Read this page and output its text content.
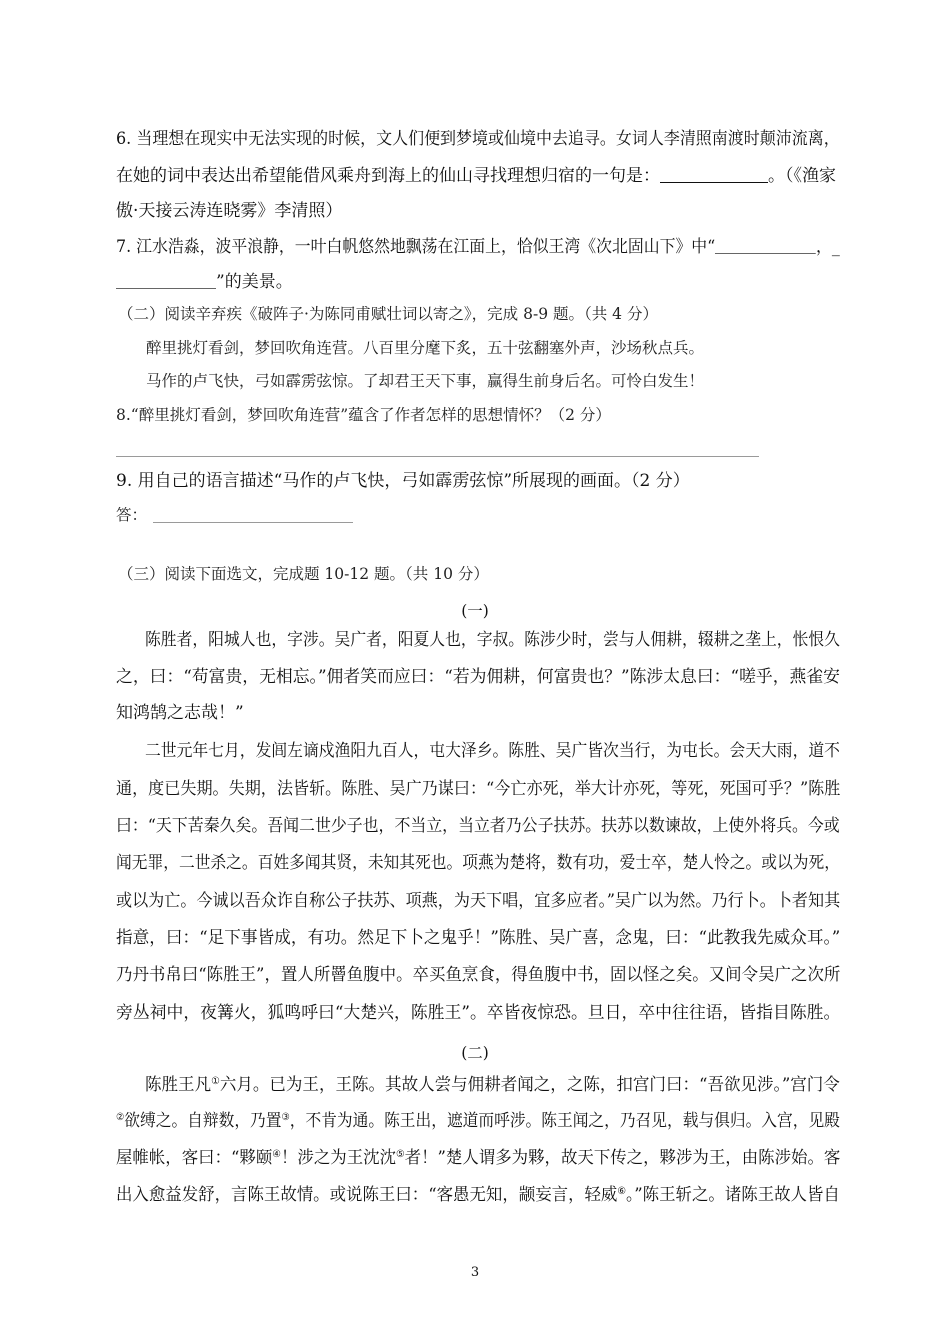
6. 当理想在现实中无法实现的时候，文人们便到梦境或仙境中去追寻。女词人李清照南渡时颠沛流离，
在她的词中表达出希望能借风乘舟到海上的仙山寻找理想归宿的一句是：	。（《渔家
傲·天接云涛连晓雾》李清照）
7. 江水浩淼，波平浪静，一叶白帆悠然地飘荡在江面上，恰似王湾《次北固山下》中“	，_
”的美景。
（二）阅读辛弃疾《破阵子·为陈同甫赋壮词以寄之》，完成 8-9 题。（共 4 分）
醉里挑灯看剑，梦回吹角连营。八百里分麾下炙，五十弦翻塞外声，沙场秋点兵。
马作的卢飞快，弓如霹雳弦惊。了却君王天下事，赢得生前身后名。可怜白发生！
8.“醉里挑灯看剑，梦回吹角连营”蕴含了作者怎样的思想情怀？（2 分）
9. 用自己的语言描述“马作的卢飞快，弓如霹雳弦惊”所展现的画面。（2 分）
答：
（三）阅读下面选文，完成题 10-12 题。（共 10 分）
(一)
陈胜者，阳城人也，字涉。吴广者，阳夏人也，字叔。陈涉少时，尝与人佣耕，辍耕之垄上，怅恨久
之，曰：“苟富贵，无相忘。”佣者笑而应曰：“若为佣耕，何富贵也？”陈涉太息曰：“嗟乎，燕雀安
知鸿鹄之志哉！”
二世元年七月，发闾左谪戍渔阳九百人，屯大泽乡。陈胜、吴广皆次当行，为屯长。会天大雨，道不
通，度已失期。失期，法皆斩。陈胜、吴广乃谋曰：“今亡亦死，举大计亦死，等死，死国可乎？”陈胜
曰：“天下苦秦久矣。吾闻二世少子也，不当立，当立者乃公子扶苏。扶苏以数谏故，上使外将兵。今或
闻无罪，二世杀之。百姓多闻其贤，未知其死也。项燕为楚将，数有功，爱士卒，楚人怜之。或以为死，
或以为亡。今诚以吾众诈自称公子扶苏、项燕，为天下唱，宜多应者。”吴广以为然。乃行卜。卜者知其
指意，曰：“足下事皆成，有功。然足下卜之鬼乎！”陈胜、吴广喜，念鬼，曰：“此教我先威众耳。”
乃丹书帛曰“陈胜王”，置人所罾鱼腹中。卒买鱼烹食，得鱼腹中书，固以怪之矣。又间令吴广之次所
旁丛祠中，夜篝火，狐鸣呼曰“大楚兴，陈胜王”。卒皆夜惊恐。旦日，卒中往往语，皆指目陈胜。
(二)
陈胜王凡①六月。已为王，王陈。其故人尝与佣耕者闻之，之陈，扣宫门曰：“吾欲见涉。”宫门令
②欲缚之。自辩数，乃置③，不肯为通。陈王出，遮道而呼涉。陈王闻之，乃召见，载与俱归。入宫，见殿
屋帷帐，客曰：“夥颐④！涉之为王沈沈⑤者！”楚人谓多为夥，故天下传之，夥涉为王，由陈涉始。客
出入愈益发舒，言陈王故情。或说陈王曰：“客愚无知，颛妄言，轻威⑥。”陈王斩之。诸陈王故人皆自
3
